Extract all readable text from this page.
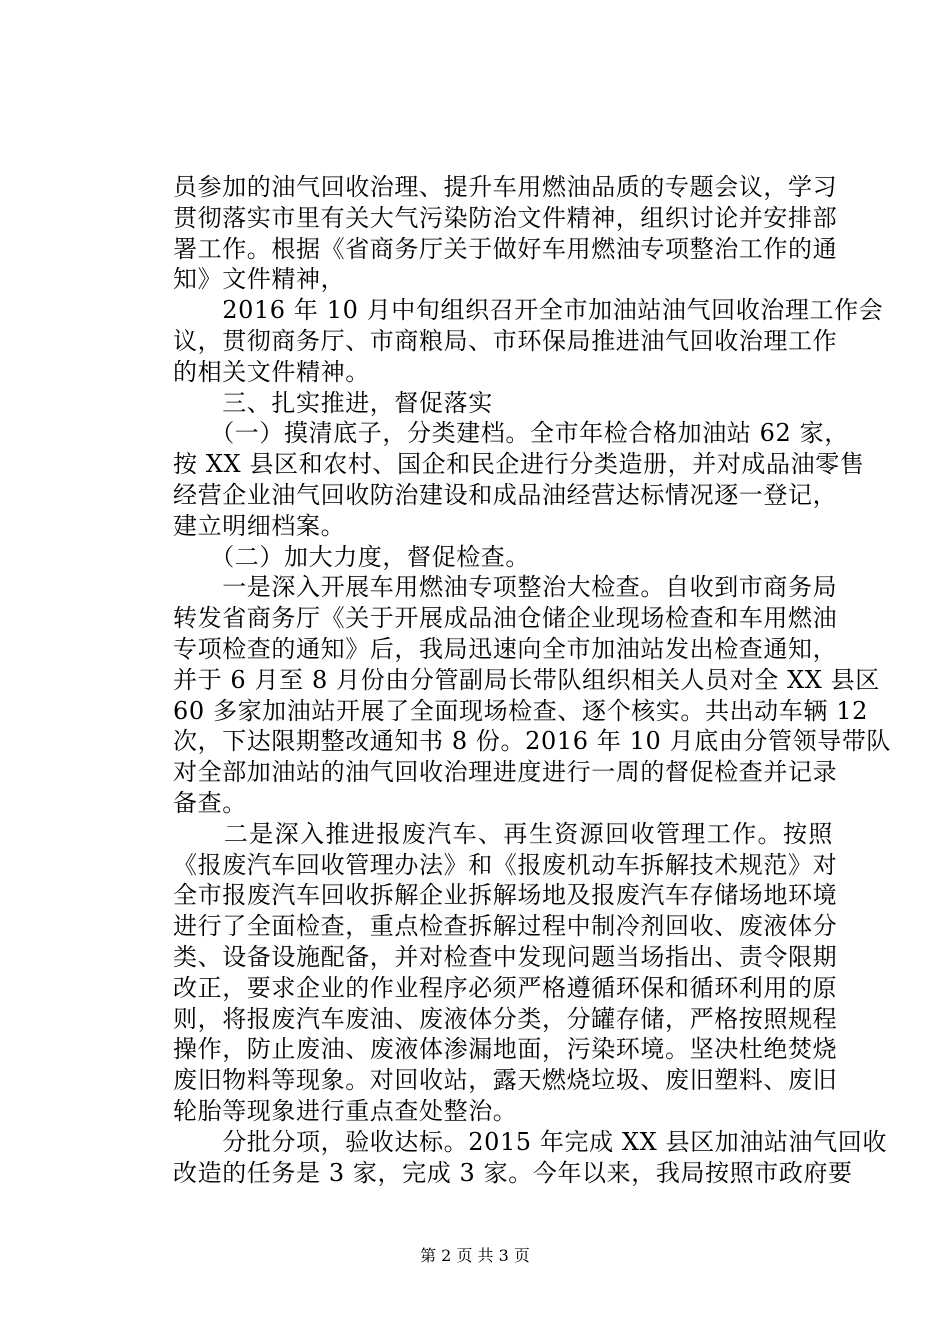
员参加的油气回收治理、提升车用燃油品质的专题会议，学习
贯彻落实市里有关大气污染防治文件精神，组织讨论并安排部
署工作。根据《省商务厅关于做好车用燃油专项整治工作的通
知》文件精神，
　　2016 年 10 月中旬组织召开全市加油站油气回收治理工作会
议，贯彻商务厅、市商粮局、市环保局推进油气回收治理工作
的相关文件精神。
　　三、扎实推进，督促落实
　　（一）摸清底子，分类建档。全市年检合格加油站 62 家，
按 XX 县区和农村、国企和民企进行分类造册，并对成品油零售
经营企业油气回收防治建设和成品油经营达标情况逐一登记，
建立明细档案。
　　（二）加大力度，督促检查。
　　一是深入开展车用燃油专项整治大检查。自收到市商务局
转发省商务厅《关于开展成品油仓储企业现场检查和车用燃油
专项检查的通知》后，我局迅速向全市加油站发出检查通知，
并于 6 月至 8 月份由分管副局长带队组织相关人员对全 XX 县区
60 多家加油站开展了全面现场检查、逐个核实。共出动车辆 12
次，下达限期整改通知书 8 份。2016 年 10 月底由分管领导带队
对全部加油站的油气回收治理进度进行一周的督促检查并记录
备查。
　　二是深入推进报废汽车、再生资源回收管理工作。按照
《报废汽车回收管理办法》和《报废机动车拆解技术规范》对
全市报废汽车回收拆解企业拆解场地及报废汽车存储场地环境
进行了全面检查，重点检查拆解过程中制冷剂回收、废液体分
类、设备设施配备，并对检查中发现问题当场指出、责令限期
改正，要求企业的作业程序必须严格遵循环保和循环利用的原
则，将报废汽车废油、废液体分类，分罐存储，严格按照规程
操作，防止废油、废液体渗漏地面，污染环境。坚决杜绝焚烧
废旧物料等现象。对回收站，露天燃烧垃圾、废旧塑料、废旧
轮胎等现象进行重点查处整治。
　　分批分项，验收达标。2015 年完成 XX 县区加油站油气回收
改造的任务是 3 家，完成 3 家。今年以来，我局按照市政府要
第 2 页 共 3 页
